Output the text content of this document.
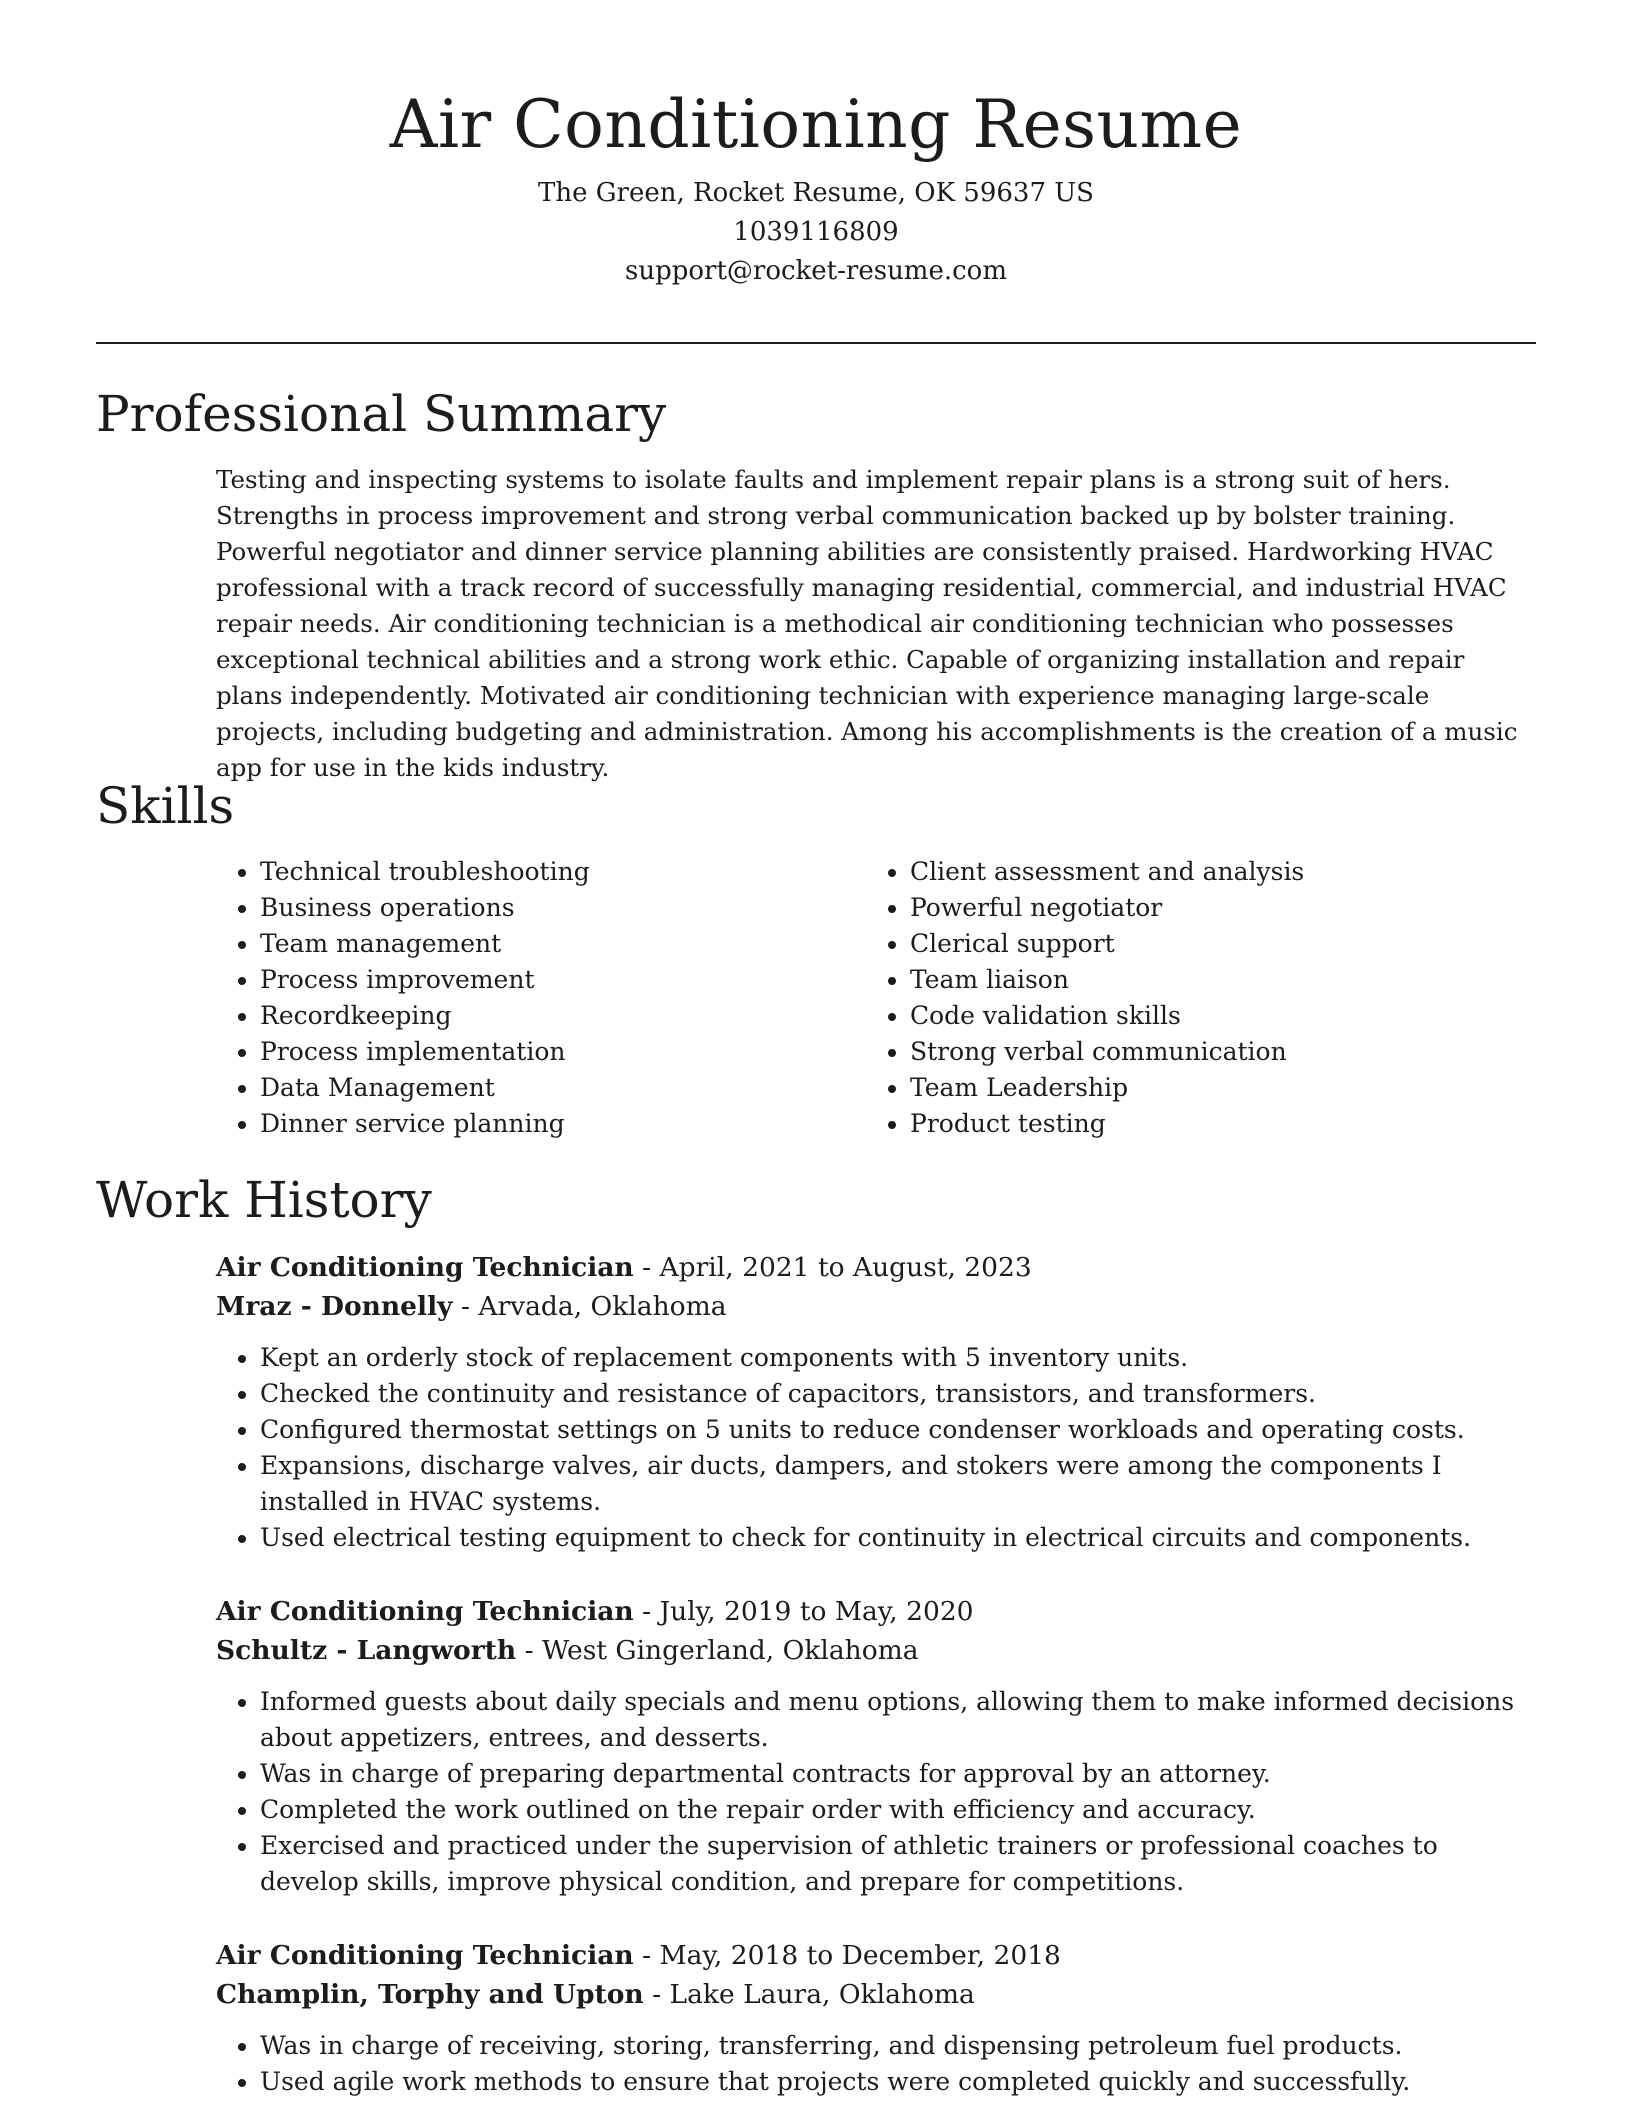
Air Conditioning Resume
The Green, Rocket Resume, OK 59637 US
1039116809
support@rocket-resume.com
Professional Summary

Testing and inspecting systems to isolate faults and implement repair plans is a strong suit of hers. Strengths in process improvement and strong verbal communication backed up by bolster training. Powerful negotiator and dinner service planning abilities are consistently praised. Hardworking HVAC professional with a track record of successfully managing residential, commercial, and industrial HVAC repair needs. Air conditioning technician is a methodical air conditioning technician who possesses exceptional technical abilities and a strong work ethic. Capable of organizing installation and repair plans independently. Motivated air conditioning technician with experience managing large-scale projects, including budgeting and administration. Among his accomplishments is the creation of a music app for use in the kids industry.

Skills
• Technical troubleshooting
• Business operations
• Team management
• Process improvement
• Recordkeeping
• Process implementation
• Data Management
• Dinner service planning
• Client assessment and analysis
• Powerful negotiator
• Clerical support
• Team liaison
• Code validation skills
• Strong verbal communication
• Team Leadership
• Product testing
Work History
Air Conditioning Technician - April, 2021 to August, 2023
Mraz - Donnelly - Arvada, Oklahoma
• Kept an orderly stock of replacement components with 5 inventory units.
• Checked the continuity and resistance of capacitors, transistors, and transformers.
• Configured thermostat settings on 5 units to reduce condenser workloads and operating costs.
• Expansions, discharge valves, air ducts, dampers, and stokers were among the components I installed in HVAC systems.
• Used electrical testing equipment to check for continuity in electrical circuits and components.
Air Conditioning Technician - July, 2019 to May, 2020
Schultz - Langworth - West Gingerland, Oklahoma
• Informed guests about daily specials and menu options, allowing them to make informed decisions about appetizers, entrees, and desserts.
• Was in charge of preparing departmental contracts for approval by an attorney.
• Completed the work outlined on the repair order with efficiency and accuracy.
• Exercised and practiced under the supervision of athletic trainers or professional coaches to develop skills, improve physical condition, and prepare for competitions.
Air Conditioning Technician - May, 2018 to December, 2018
Champlin, Torphy and Upton - Lake Laura, Oklahoma
• Was in charge of receiving, storing, transferring, and dispensing petroleum fuel products.
• Used agile work methods to ensure that projects were completed quickly and successfully.
